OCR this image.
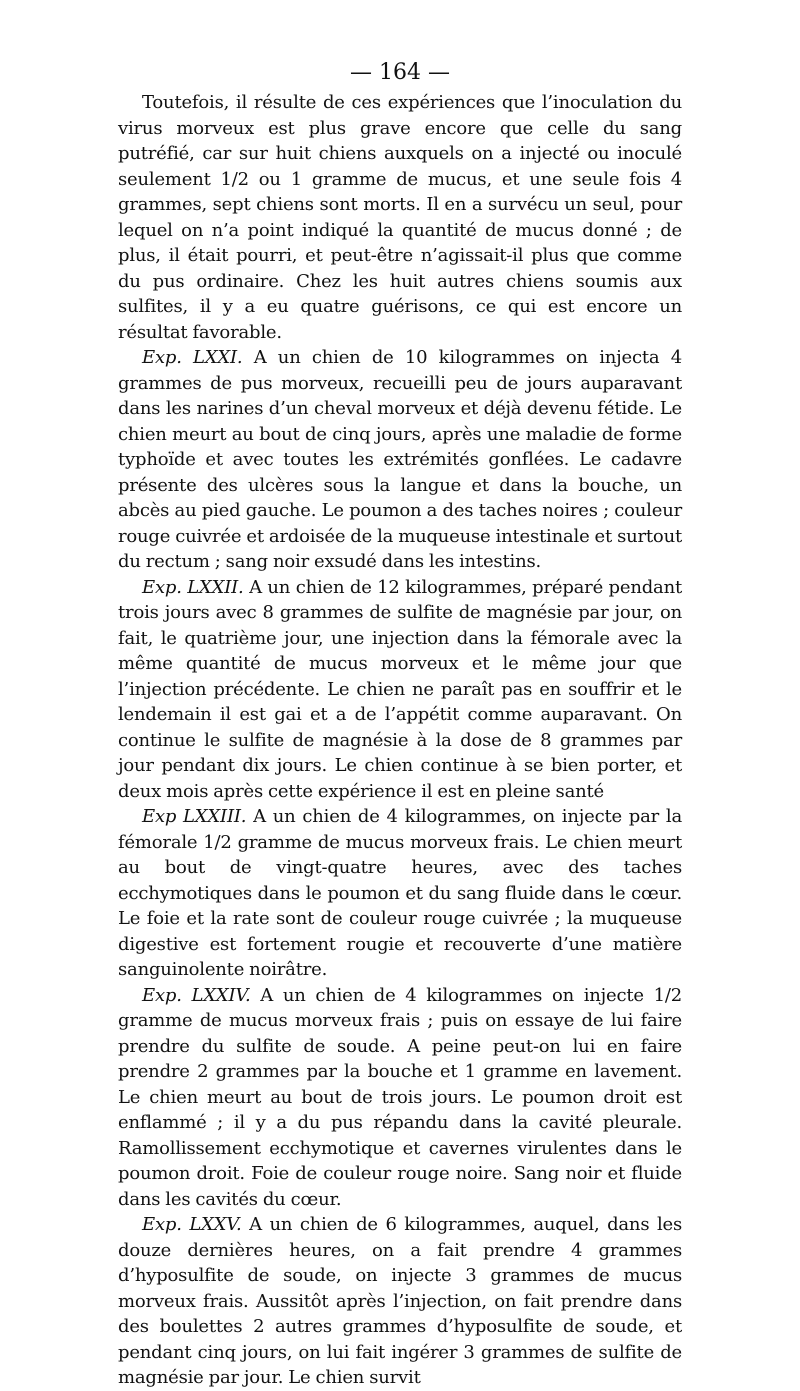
— 164 —

Toutefois, il résulte de ces expériences que l’inoculation du virus morveux est plus grave encore que celle du sang putréfié, car sur huit chiens auxquels on a injecté ou inoculé seulement 1/2 ou 1 gramme de mucus, et une seule fois 4 grammes, sept chiens sont morts. Il en a survécu un seul, pour lequel on n’a point indiqué la quantité de mucus donné ; de plus, il était pourri, et peut-être n’agissait-il plus que comme du pus ordinaire. Chez les huit autres chiens soumis aux sulfites, il y a eu quatre guérisons, ce qui est encore un résultat favorable.

Exp. LXXI. A un chien de 10 kilogrammes on injecta 4 grammes de pus morveux, recueilli peu de jours auparavant dans les narines d’un cheval morveux et déjà devenu fétide. Le chien meurt au bout de cinq jours, après une maladie de forme typhoïde et avec toutes les extrémités gonflées. Le cadavre présente des ulcères sous la langue et dans la bouche, un abcès au pied gauche. Le poumon a des taches noires ; couleur rouge cuivrée et ardoisée de la muqueuse intestinale et surtout du rectum ; sang noir exsudé dans les intestins.

Exp. LXXII. A un chien de 12 kilogrammes, préparé pendant trois jours avec 8 grammes de sulfite de magnésie par jour, on fait, le quatrième jour, une injection dans la fémorale avec la même quantité de mucus morveux et le même jour que l’injection précédente. Le chien ne paraît pas en souffrir et le lendemain il est gai et a de l’appétit comme auparavant. On continue le sulfite de magnésie à la dose de 8 grammes par jour pendant dix jours. Le chien continue à se bien porter, et deux mois après cette expérience il est en pleine santé

Exp LXXIII. A un chien de 4 kilogrammes, on injecte par la fémorale 1/2 gramme de mucus morveux frais. Le chien meurt au bout de vingt-quatre heures, avec des taches ecchymotiques dans le poumon et du sang fluide dans le cœur. Le foie et la rate sont de couleur rouge cuivrée ; la muqueuse digestive est fortement rougie et recouverte d’une matière sanguinolente noirâtre.

Exp. LXXIV. A un chien de 4 kilogrammes on injecte 1/2 gramme de mucus morveux frais ; puis on essaye de lui faire prendre du sulfite de soude. A peine peut-on lui en faire prendre 2 grammes par la bouche et 1 gramme en lavement. Le chien meurt au bout de trois jours. Le poumon droit est enflammé ; il y a du pus répandu dans la cavité pleurale. Ramollissement ecchymotique et cavernes virulentes dans le poumon droit. Foie de couleur rouge noire. Sang noir et fluide dans les cavités du cœur.

Exp. LXXV. A un chien de 6 kilogrammes, auquel, dans les douze dernières heures, on a fait prendre 4 grammes d’hyposulfite de soude, on injecte 3 grammes de mucus morveux frais. Aussitôt après l’injection, on fait prendre dans des boulettes 2 autres grammes d’hyposulfite de soude, et pendant cinq jours, on lui fait ingérer 3 grammes de sulfite de magnésie par jour. Le chien survit
